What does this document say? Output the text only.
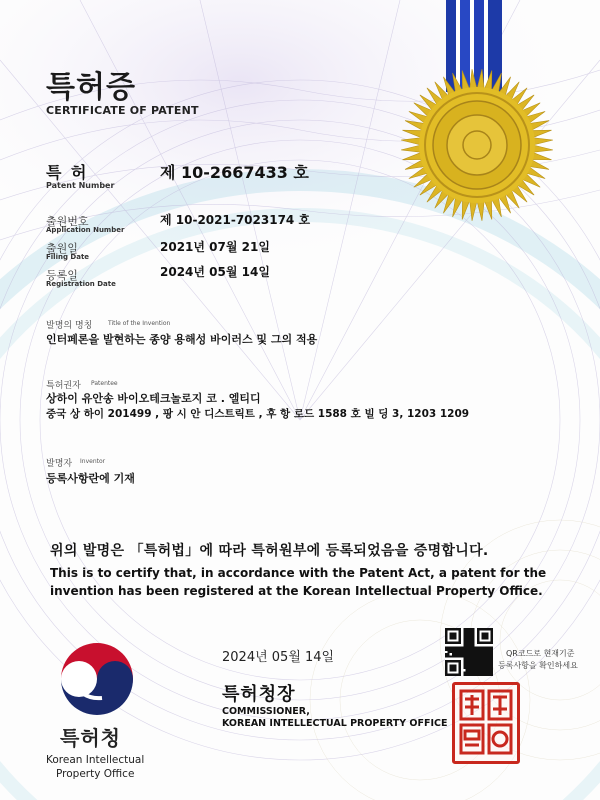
특허증
CERTIFICATE OF PATENT
특 허
Patent Number
제 10-2667433 호
출원번호
Application Number
제 10-2021-7023174 호
출원일
Filing Date
2021년 07월 21일
등록일
Registration Date
2024년 05월 14일
발명의 명칭	Title of the Invention
인터페론을 발현하는 종양 용해성 바이러스 및 그의 적용
특허권자 Patentee
상하이 유안송 바이오테크놀로지 코 . 엘티디
중국 상 하이 201499 , 팡 시 안 디스트릭트 , 후 항 로드 1588 호 빌 딩 3, 1203 1209
발명자 Inventor
등록사항란에 기재
위의 발명은 「특허법」에 따라 특허원부에 등록되었음을 증명합니다.
This is to certify that, in accordance with the Patent Act, a patent for the
invention has been registered at the Korean Intellectual Property Office.
2024년 05월 14일
특허청장
COMMISSIONER,
KOREAN INTELLECTUAL PROPERTY OFFICE
QR코드로 현재기준
등록사항을 확인하세요
특허청
Korean Intellectual
Property Office
